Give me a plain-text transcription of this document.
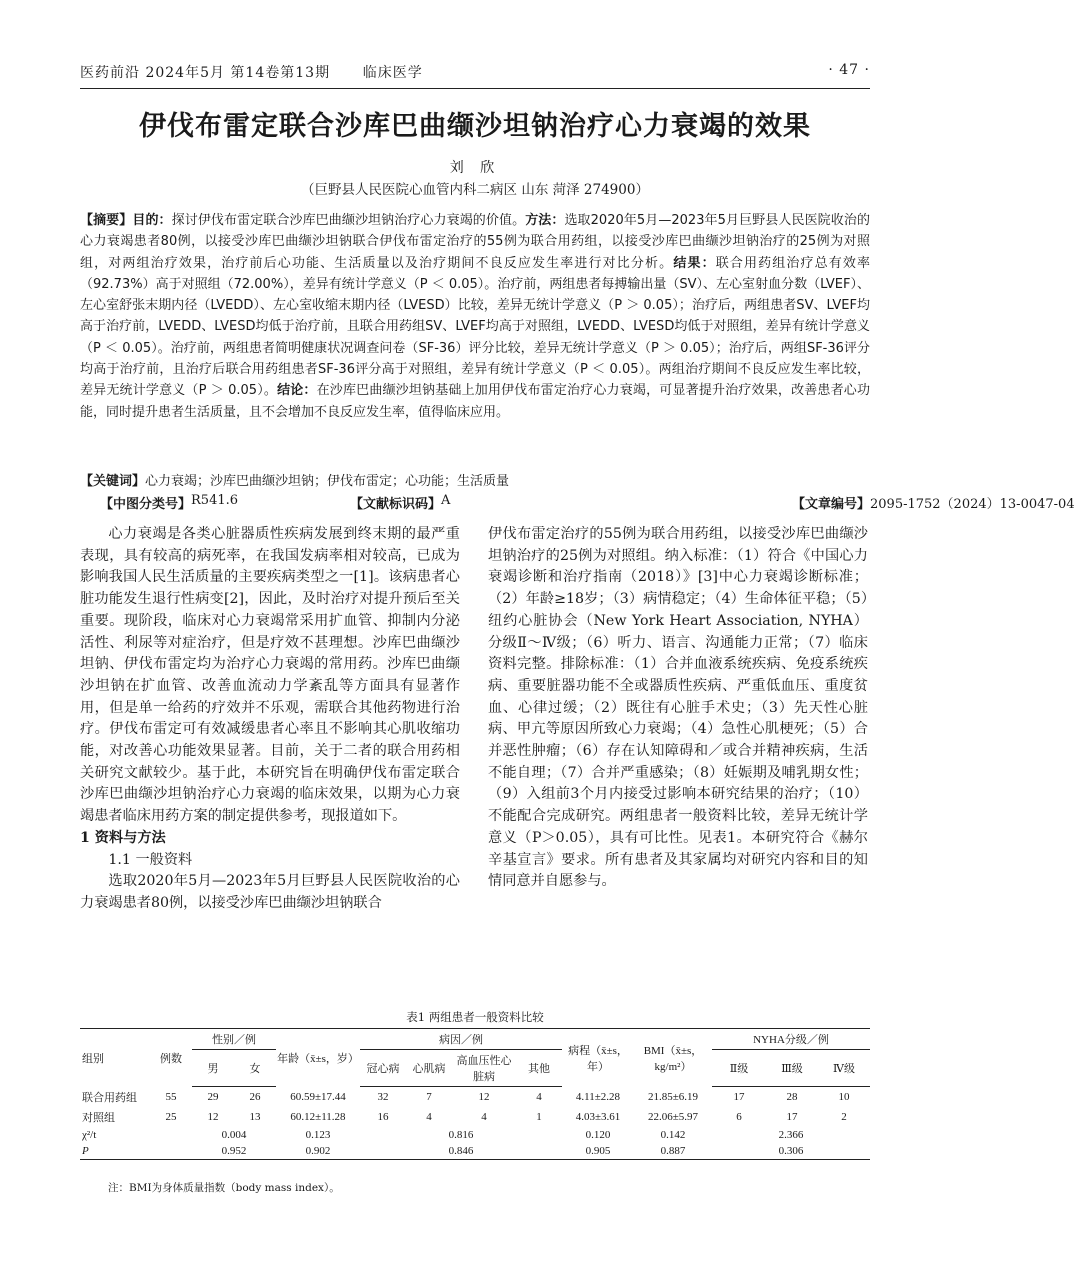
医药前沿 2024年5月 第14卷第13期 临床医学	· 47 ·
伊伐布雷定联合沙库巴曲缬沙坦钠治疗心力衰竭的效果
刘 欣
（巨野县人民医院心血管内科二病区 山东 菏泽 274900）
【摘要】目的：探讨伊伐布雷定联合沙库巴曲缬沙坦钠治疗心力衰竭的价值。方法：选取2020年5月—2023年5月巨野县人民医院收治的心力衰竭患者80例，以接受沙库巴曲缬沙坦钠联合伊伐布雷定治疗的55例为联合用药组，以接受沙库巴曲缬沙坦钠治疗的25例为对照组，对两组治疗效果，治疗前后心功能、生活质量以及治疗期间不良反应发生率进行对比分析。结果：联合用药组治疗总有效率（92.73%）高于对照组（72.00%），差异有统计学意义（P ＜ 0.05）。治疗前，两组患者每搏输出量（SV）、左心室射血分数（LVEF）、左心室舒张末期内径（LVEDD）、左心室收缩末期内径（LVESD）比较，差异无统计学意义（P ＞ 0.05）；治疗后，两组患者SV、LVEF均高于治疗前，LVEDD、LVESD均低于治疗前，且联合用药组SV、LVEF均高于对照组，LVEDD、LVESD均低于对照组，差异有统计学意义（P ＜ 0.05）。治疗前，两组患者简明健康状况调查问卷（SF-36）评分比较，差异无统计学意义（P ＞ 0.05）；治疗后，两组SF-36评分均高于治疗前，且治疗后联合用药组患者SF-36评分高于对照组，差异有统计学意义（P ＜ 0.05）。两组治疗期间不良反应发生率比较，差异无统计学意义（P ＞ 0.05）。结论：在沙库巴曲缬沙坦钠基础上加用伊伐布雷定治疗心力衰竭，可显著提升治疗效果，改善患者心功能，同时提升患者生活质量，且不会增加不良反应发生率，值得临床应用。
【关键词】心力衰竭；沙库巴曲缬沙坦钠；伊伐布雷定；心功能；生活质量
【中图分类号】 R541.6	【文献标识码】 A	【文章编号】 2095-1752（2024）13-0047-04

心力衰竭是各类心脏器质性疾病发展到终末期的最严重表现，具有较高的病死率，在我国发病率相对较高，已成为影响我国人民生活质量的主要疾病类型之一[1]。该病患者心脏功能发生退行性病变[2]，因此，及时治疗对提升预后至关重要。现阶段，临床对心力衰竭常采用扩血管、抑制内分泌活性、利尿等对症治疗，但是疗效不甚理想。沙库巴曲缬沙坦钠、伊伐布雷定均为治疗心力衰竭的常用药。沙库巴曲缬沙坦钠在扩血管、改善血流动力学紊乱等方面具有显著作用，但是单一给药的疗效并不乐观，需联合其他药物进行治疗。伊伐布雷定可有效减缓患者心率且不影响其心肌收缩功能，对改善心功能效果显著。目前，关于二者的联合用药相关研究文献较少。基于此，本研究旨在明确伊伐布雷定联合沙库巴曲缬沙坦钠治疗心力衰竭的临床效果，以期为心力衰竭患者临床用药方案的制定提供参考，现报道如下。

1 资料与方法

1.1 一般资料

选取2020年5月—2023年5月巨野县人民医院收治的心力衰竭患者80例，以接受沙库巴曲缬沙坦钠联合

伊伐布雷定治疗的55例为联合用药组，以接受沙库巴曲缬沙坦钠治疗的25例为对照组。纳入标准：（1）符合《中国心力衰竭诊断和治疗指南（2018）》[3]中心力衰竭诊断标准；（2）年龄≥18岁；（3）病情稳定；（4）生命体征平稳；（5）纽约心脏协会（New York Heart Association, NYHA）分级Ⅱ～Ⅳ级；（6）听力、语言、沟通能力正常；（7）临床资料完整。排除标准：（1）合并血液系统疾病、免疫系统疾病、重要脏器功能不全或器质性疾病、严重低血压、重度贫血、心律过缓；（2）既往有心脏手术史；（3）先天性心脏病、甲亢等原因所致心力衰竭；（4）急性心肌梗死；（5）合并恶性肿瘤；（6）存在认知障碍和／或合并精神疾病，生活不能自理；（7）合并严重感染；（8）妊娠期及哺乳期女性；（9）入组前3个月内接受过影响本研究结果的治疗；（10）不能配合完成研究。两组患者一般资料比较，差异无统计学意义（P＞0.05），具有可比性。见表1。本研究符合《赫尔辛基宣言》要求。所有患者及其家属均对研究内容和目的知情同意并自愿参与。

表1 两组患者一般资料比较
组别	例数	性别／例		年龄（x̄±s，岁）	病因／例				病程（x̄±s，年）	BMI（x̄±s，kg/m²）	NYHA分级／例		
		男	女		冠心病	心肌病	高血压性心脏病	其他			Ⅱ级	Ⅲ级	Ⅳ级
联合用药组	55	29	26	60.59±17.44	32	7	12	4	4.11±2.28	21.85±6.19	17	28	10
对照组	25	12	13	60.12±11.28	16	4	4	1	4.03±3.61	22.06±5.97	6	17	2
χ²/t		0.004		0.123	0.816				0.120	0.142	2.366		
P		0.952		0.902	0.846				0.905	0.887	0.306		
注：BMI为身体质量指数（body mass index）。
